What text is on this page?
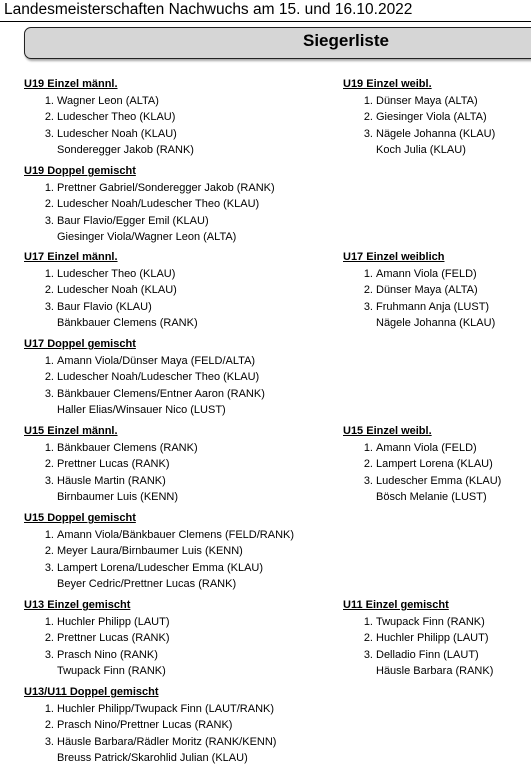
Landesmeisterschaften Nachwuchs am 15. und 16.10.2022
Siegerliste
U19 Einzel männl.
1. Wagner Leon (ALTA)
2. Ludescher Theo (KLAU)
3. Ludescher Noah (KLAU)
Sonderegger Jakob (RANK)
U19 Einzel weibl.
1. Dünser Maya (ALTA)
2. Giesinger Viola (ALTA)
3. Nägele Johanna (KLAU)
Koch Julia (KLAU)
U19 Doppel gemischt
1. Prettner Gabriel/Sonderegger Jakob (RANK)
2. Ludescher Noah/Ludescher Theo (KLAU)
3. Baur Flavio/Egger Emil (KLAU)
Giesinger Viola/Wagner Leon (ALTA)
U17 Einzel männl.
1. Ludescher Theo (KLAU)
2. Ludescher Noah (KLAU)
3. Baur Flavio (KLAU)
Bänkbauer Clemens (RANK)
U17 Einzel weiblich
1. Amann Viola (FELD)
2. Dünser Maya (ALTA)
3. Fruhmann Anja (LUST)
Nägele Johanna (KLAU)
U17 Doppel gemischt
1. Amann Viola/Dünser Maya (FELD/ALTA)
2. Ludescher Noah/Ludescher Theo (KLAU)
3. Bänkbauer Clemens/Entner Aaron (RANK)
Haller Elias/Winsauer Nico (LUST)
U15 Einzel männl.
1. Bänkbauer Clemens (RANK)
2. Prettner Lucas (RANK)
3. Häusle Martin (RANK)
Birnbaumer Luis (KENN)
U15 Einzel weibl.
1. Amann Viola (FELD)
2. Lampert Lorena (KLAU)
3. Ludescher Emma (KLAU)
Bösch Melanie (LUST)
U15 Doppel gemischt
1. Amann Viola/Bänkbauer Clemens (FELD/RANK)
2. Meyer Laura/Birnbaumer Luis (KENN)
3. Lampert Lorena/Ludescher Emma (KLAU)
Beyer Cedric/Prettner Lucas (RANK)
U13 Einzel gemischt
1. Huchler Philipp (LAUT)
2. Prettner Lucas (RANK)
3. Prasch Nino (RANK)
Twupack Finn (RANK)
U11 Einzel gemischt
1. Twupack Finn (RANK)
2. Huchler Philipp (LAUT)
3. Delladio Finn (LAUT)
Häusle Barbara (RANK)
U13/U11 Doppel gemischt
1. Huchler Philipp/Twupack Finn (LAUT/RANK)
2. Prasch Nino/Prettner Lucas (RANK)
3. Häusle Barbara/Rädler Moritz (RANK/KENN)
Breuss Patrick/Skarohlid Julian (KLAU)
